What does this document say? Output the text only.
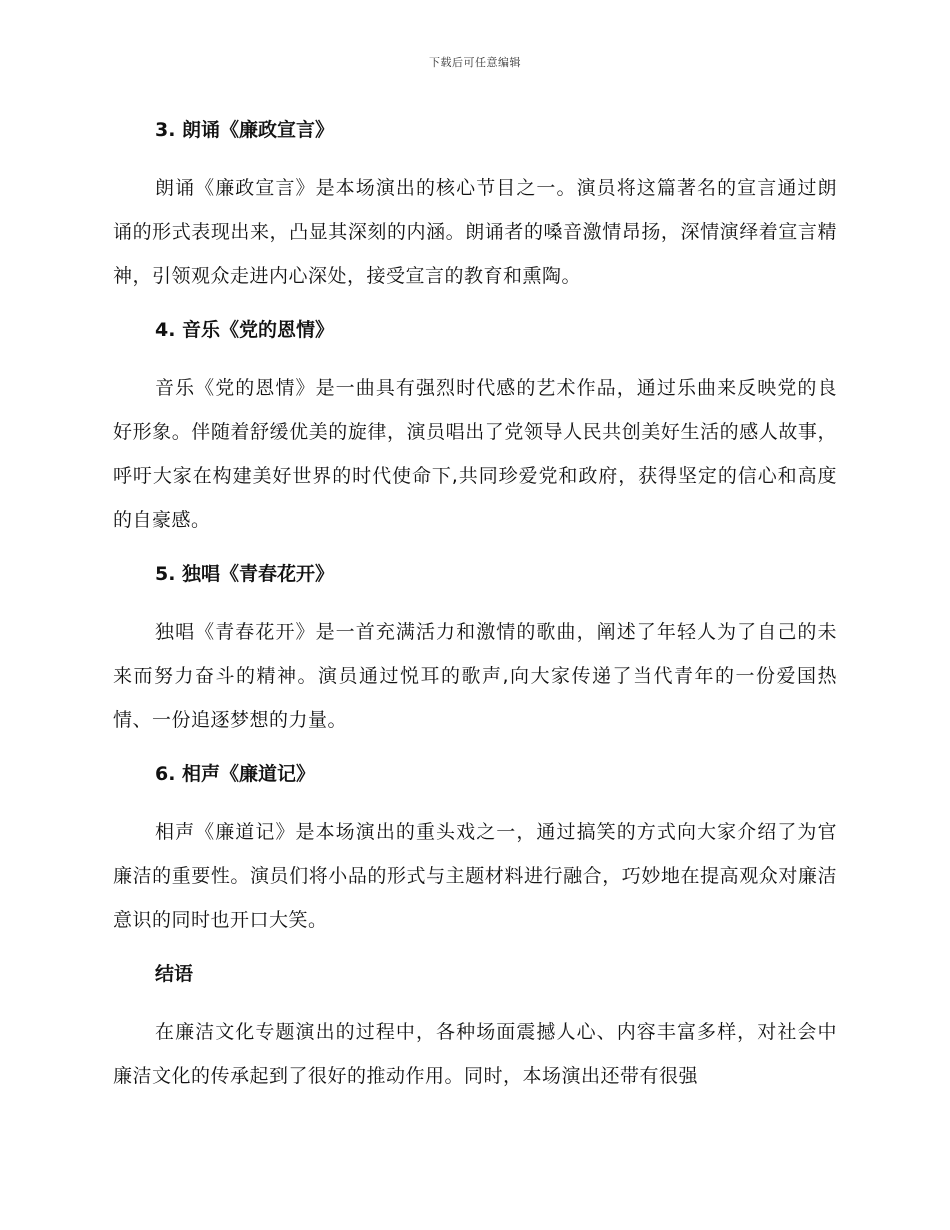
下载后可任意编辑
3. 朗诵《廉政宣言》

朗诵《廉政宣言》是本场演出的核心节目之一。演员将这篇著名的宣言通过朗诵的形式表现出来，凸显其深刻的内涵。朗诵者的嗓音激情昂扬，深情演绎着宣言精神，引领观众走进内心深处，接受宣言的教育和熏陶。

4. 音乐《党的恩情》

音乐《党的恩情》是一曲具有强烈时代感的艺术作品，通过乐曲来反映党的良好形象。伴随着舒缓优美的旋律，演员唱出了党领导人民共创美好生活的感人故事，呼吁大家在构建美好世界的时代使命下,共同珍爱党和政府，获得坚定的信心和高度的自豪感。

5. 独唱《青春花开》

独唱《青春花开》是一首充满活力和激情的歌曲，阐述了年轻人为了自己的未来而努力奋斗的精神。演员通过悦耳的歌声,向大家传递了当代青年的一份爱国热情、一份追逐梦想的力量。

6. 相声《廉道记》

相声《廉道记》是本场演出的重头戏之一，通过搞笑的方式向大家介绍了为官廉洁的重要性。演员们将小品的形式与主题材料进行融合，巧妙地在提高观众对廉洁意识的同时也开口大笑。

结语

在廉洁文化专题演出的过程中，各种场面震撼人心、内容丰富多样，对社会中廉洁文化的传承起到了很好的推动作用。同时，本场演出还带有很强
